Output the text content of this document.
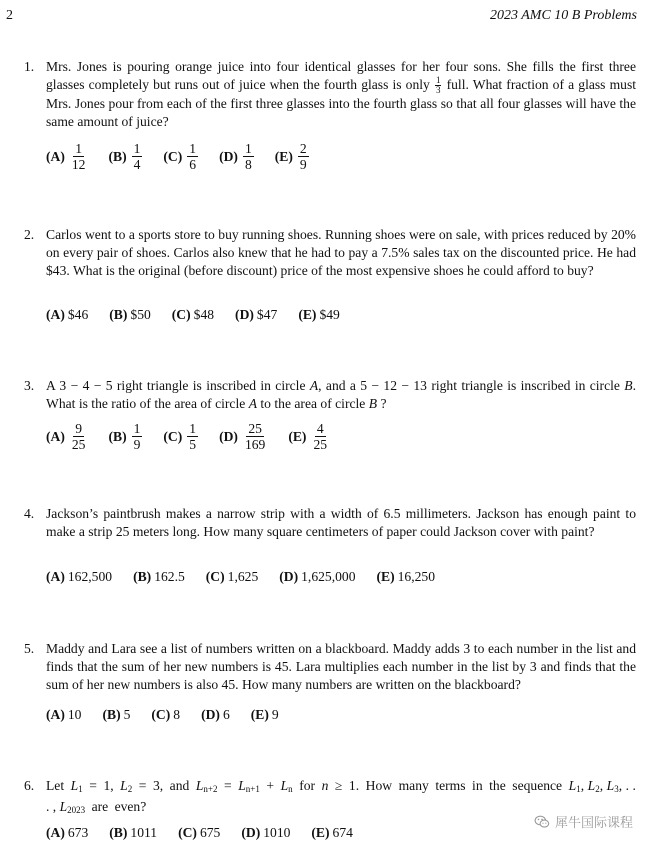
2	2023 AMC 10 B Problems
1. Mrs. Jones is pouring orange juice into four identical glasses for her four sons. She fills the first three glasses completely but runs out of juice when the fourth glass is only $\frac{1}{3}$ full. What fraction of a glass must Mrs. Jones pour from each of the first three glasses into the fourth glass so that all four glasses will have the same amount of juice?
$(A) \frac{1}{12} (B) \frac{1}{4} (C) \frac{1}{6} (D) \frac{1}{8} (E) \frac{2}{9}$
2. Carlos went to a sports store to buy running shoes. Running shoes were on sale, with prices reduced by 20% on every pair of shoes. Carlos also knew that he had to pay a 7.5% sales tax on the discounted price. He had $43. What is the original (before discount) price of the most expensive shoes he could afford to buy?
(A) $46 (B) $50 (C) $48 (D) $47 (E) $49
3. A 3 − 4 − 5 right triangle is inscribed in circle A, and a 5 − 12 − 13 right triangle is inscribed in circle B. What is the ratio of the area of circle A to the area of circle B ?
$(A) \frac{9}{25} (B) \frac{1}{9} (C) \frac{1}{5} (D) \frac{25}{169} (E) \frac{4}{25}$
4. Jackson’s paintbrush makes a narrow strip with a width of 6.5 millimeters. Jackson has enough paint to make a strip 25 meters long. How many square centimeters of paper could Jackson cover with paint?
(A) 162,500 (B) 162.5 (C) 1,625 (D) 1,625,000 (E) 16,250
5. Maddy and Lara see a list of numbers written on a blackboard. Maddy adds 3 to each number in the list and finds that the sum of her new numbers is 45. Lara multiplies each number in the list by 3 and finds that the sum of her new numbers is also 45. How many numbers are written on the blackboard?
(A) 10 (B) 5 (C) 8 (D) 6 (E) 9
6. Let $L_1 = 1$, $L_2 = 3$, and $L_{n+2} = L_{n+1} + L_n$ for n ≥ 1. How many terms in the sequence $L_1$, $L_2$, $L_3$, . . . , $L_{2023}$ are even?
(A) 673 (B) 1011 (C) 675 (D) 1010 (E) 674
犀牛国际课程
